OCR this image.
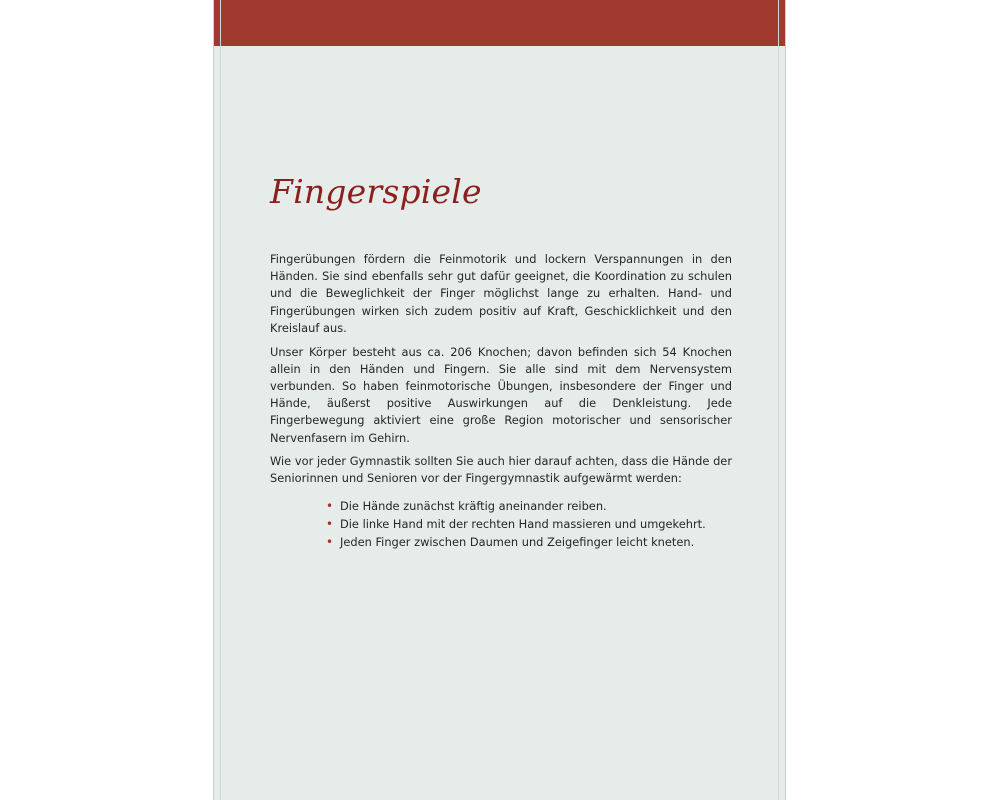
Fingerspiele

Fingerübungen fördern die Feinmotorik und lockern Verspannungen in den Händen. Sie sind ebenfalls sehr gut dafür geeignet, die Koordination zu schulen und die Beweglichkeit der Finger möglichst lange zu erhalten. Hand- und Fingerübungen wirken sich zudem positiv auf Kraft, Geschicklichkeit und den Kreislauf aus.

Unser Körper besteht aus ca. 206 Knochen; davon befinden sich 54 Knochen allein in den Händen und Fingern. Sie alle sind mit dem Nervensystem verbunden. So haben feinmotorische Übungen, insbesondere der Finger und Hände, äußerst positive Auswirkungen auf die Denkleistung. Jede Fingerbewegung aktiviert eine große Region motorischer und sensorischer Nervenfasern im Gehirn.

Wie vor jeder Gymnastik sollten Sie auch hier darauf achten, dass die Hände der Seniorinnen und Senioren vor der Fingergymnastik aufgewärmt werden:

• Die Hände zunächst kräftig aneinander reiben.
• Die linke Hand mit der rechten Hand massieren und umgekehrt.
• Jeden Finger zwischen Daumen und Zeigefinger leicht kneten.
